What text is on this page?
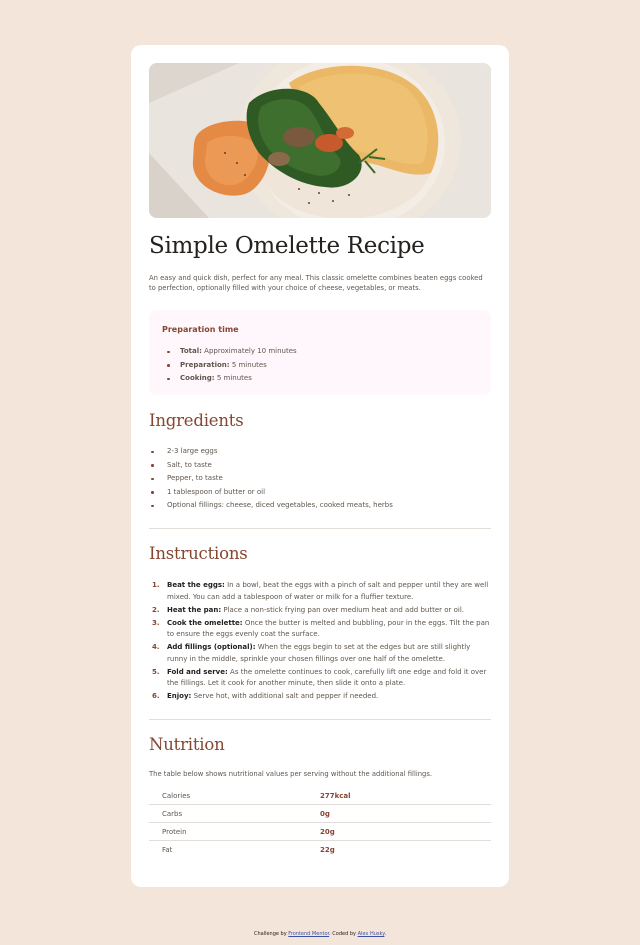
Simple Omelette Recipe

An easy and quick dish, perfect for any meal. This classic omelette combines beaten eggs cooked to perfection, optionally filled with your choice of cheese, vegetables, or meats.

Preparation time
Total: Approximately 10 minutes
Preparation: 5 minutes
Cooking: 5 minutes
Ingredients
2-3 large eggs
Salt, to taste
Pepper, to taste
1 tablespoon of butter or oil
Optional fillings: cheese, diced vegetables, cooked meats, herbs
Instructions
1. Beat the eggs: In a bowl, beat the eggs with a pinch of salt and pepper until they are well mixed. You can add a tablespoon of water or milk for a fluffier texture.
2. Heat the pan: Place a non-stick frying pan over medium heat and add butter or oil.
3. Cook the omelette: Once the butter is melted and bubbling, pour in the eggs. Tilt the pan to ensure the eggs evenly coat the surface.
4. Add fillings (optional): When the eggs begin to set at the edges but are still slightly runny in the middle, sprinkle your chosen fillings over one half of the omelette.
5. Fold and serve: As the omelette continues to cook, carefully lift one edge and fold it over the fillings. Let it cook for another minute, then slide it onto a plate.
6. Enjoy: Serve hot, with additional salt and pepper if needed.
Nutrition

The table below shows nutritional values per serving without the additional fillings.

Calories	277kcal
Carbs	0g
Protein	20g
Fat	22g
Challenge by Frontend Mentor. Coded by Alex Husky.
